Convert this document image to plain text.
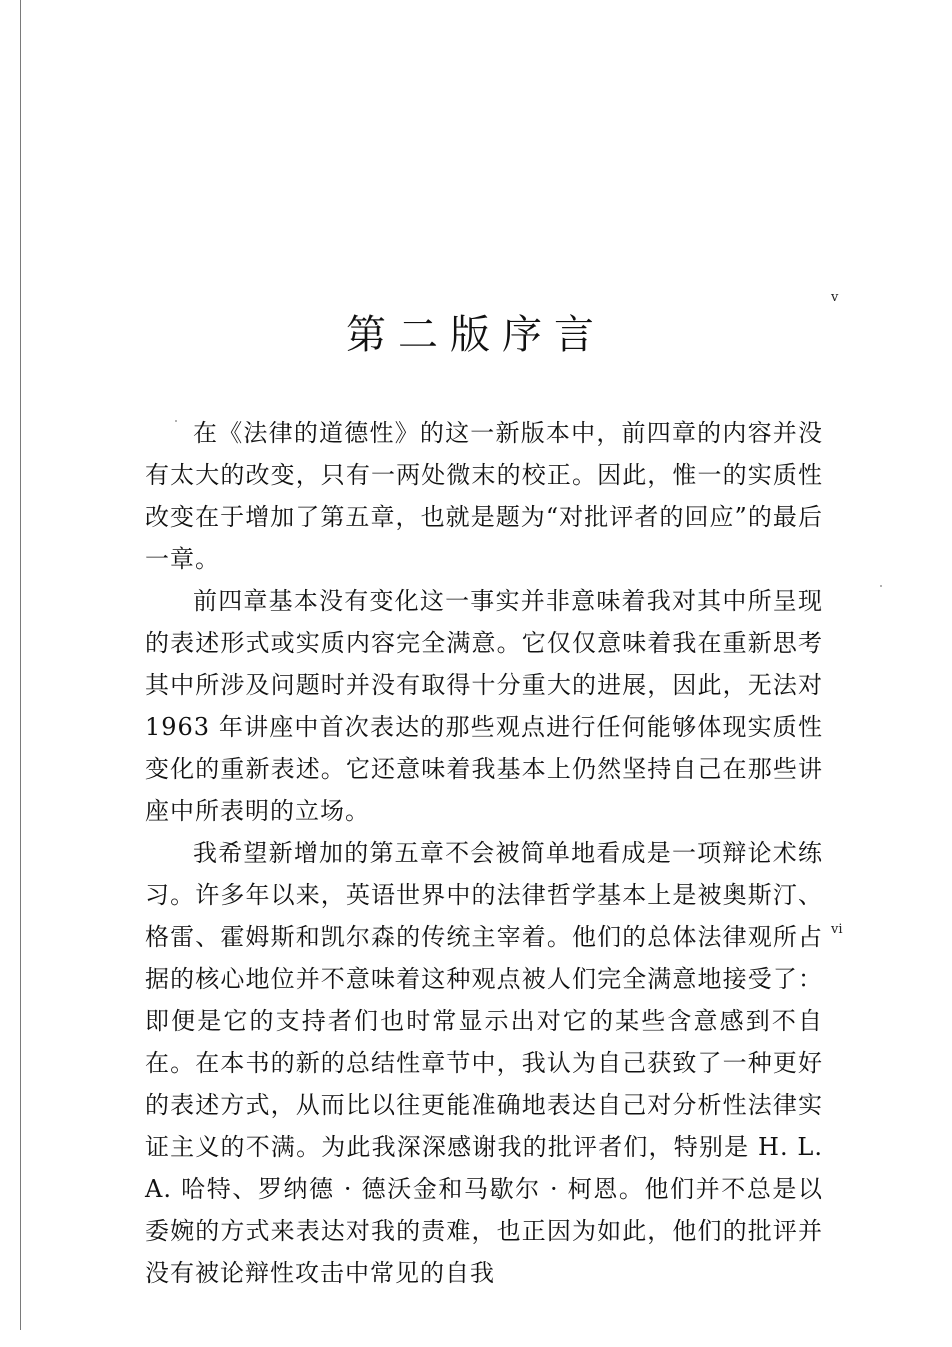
第二版序言
v
vi

在《法律的道德性》的这一新版本中，前四章的内容并没有太大的改变，只有一两处微末的校正。因此，惟一的实质性改变在于增加了第五章，也就是题为“对批评者的回应”的最后一章。

前四章基本没有变化这一事实并非意味着我对其中所呈现的表述形式或实质内容完全满意。它仅仅意味着我在重新思考其中所涉及问题时并没有取得十分重大的进展，因此，无法对 1963 年讲座中首次表达的那些观点进行任何能够体现实质性变化的重新表述。它还意味着我基本上仍然坚持自己在那些讲座中所表明的立场。

我希望新增加的第五章不会被简单地看成是一项辩论术练习。许多年以来，英语世界中的法律哲学基本上是被奥斯汀、格雷、霍姆斯和凯尔森的传统主宰着。他们的总体法律观所占据的核心地位并不意味着这种观点被人们完全满意地接受了：即便是它的支持者们也时常显示出对它的某些含意感到不自在。在本书的新的总结性章节中，我认为自己获致了一种更好的表述方式，从而比以往更能准确地表达自己对分析性法律实证主义的不满。为此我深深感谢我的批评者们，特别是 H. L. A. 哈特、罗纳德 · 德沃金和马歇尔 · 柯恩。他们并不总是以委婉的方式来表达对我的责难，也正因为如此，他们的批评并没有被论辩性攻击中常见的自我
